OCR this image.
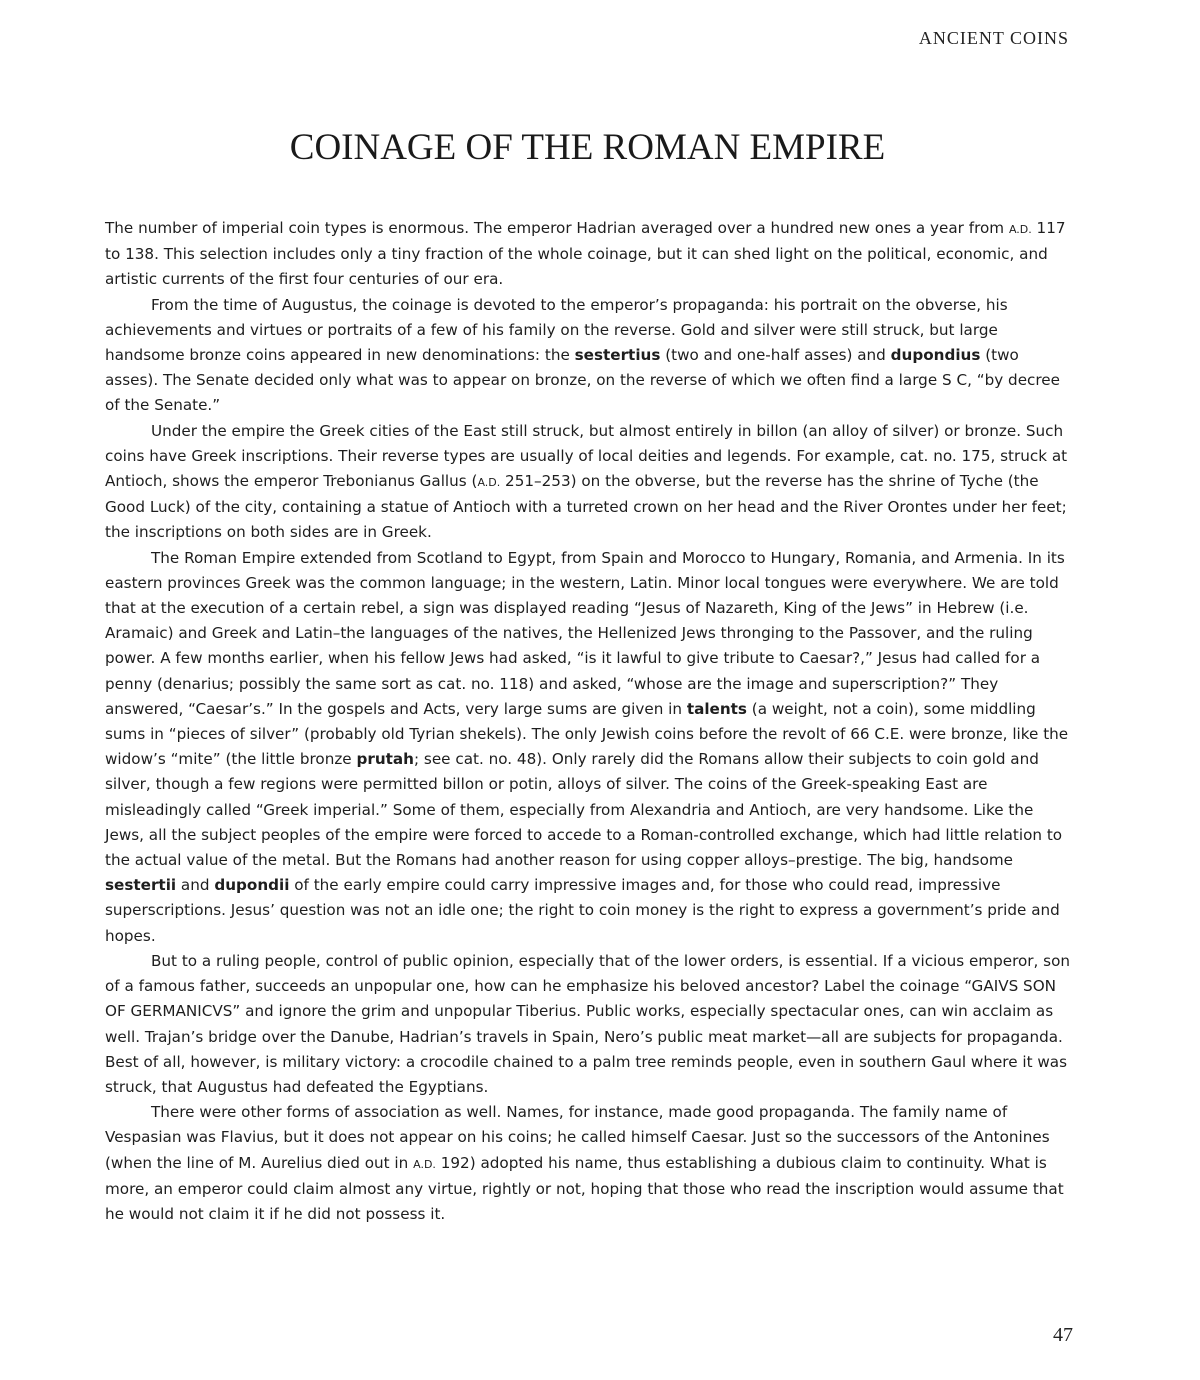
ANCIENT COINS
COINAGE OF THE ROMAN EMPIRE

The number of imperial coin types is enormous. The emperor Hadrian averaged over a hundred new ones a year from A.D. 117 to 138. This selection includes only a tiny fraction of the whole coinage, but it can shed light on the political, economic, and artistic currents of the first four centuries of our era.

From the time of Augustus, the coinage is devoted to the emperor’s propaganda: his portrait on the obverse, his achievements and virtues or portraits of a few of his family on the reverse. Gold and silver were still struck, but large handsome bronze coins appeared in new denominations: the sestertius (two and one-half asses) and dupondius (two asses). The Senate decided only what was to appear on bronze, on the reverse of which we often find a large S C, “by decree of the Senate.”

Under the empire the Greek cities of the East still struck, but almost entirely in billon (an alloy of silver) or bronze. Such coins have Greek inscriptions. Their reverse types are usually of local deities and legends. For example, cat. no. 175, struck at Antioch, shows the emperor Trebonianus Gallus (A.D. 251–253) on the obverse, but the reverse has the shrine of Tyche (the Good Luck) of the city, containing a statue of Antioch with a turreted crown on her head and the River Orontes under her feet; the inscriptions on both sides are in Greek.

The Roman Empire extended from Scotland to Egypt, from Spain and Morocco to Hungary, Romania, and Armenia. In its eastern provinces Greek was the common language; in the western, Latin. Minor local tongues were everywhere. We are told that at the execution of a certain rebel, a sign was displayed reading “Jesus of Nazareth, King of the Jews” in Hebrew (i.e. Aramaic) and Greek and Latin–the languages of the natives, the Hellenized Jews thronging to the Passover, and the ruling power. A few months earlier, when his fellow Jews had asked, “is it lawful to give tribute to Caesar?,” Jesus had called for a penny (denarius; possibly the same sort as cat. no. 118) and asked, “whose are the image and superscription?” They answered, “Caesar’s.” In the gospels and Acts, very large sums are given in talents (a weight, not a coin), some middling sums in “pieces of silver” (probably old Tyrian shekels). The only Jewish coins before the revolt of 66 C.E. were bronze, like the widow’s “mite” (the little bronze prutah; see cat. no. 48). Only rarely did the Romans allow their subjects to coin gold and silver, though a few regions were permitted billon or potin, alloys of silver. The coins of the Greek-speaking East are misleadingly called “Greek imperial.” Some of them, especially from Alexandria and Antioch, are very handsome. Like the Jews, all the subject peoples of the empire were forced to accede to a Roman-controlled exchange, which had little relation to the actual value of the metal. But the Romans had another reason for using copper alloys–prestige. The big, handsome sestertii and dupondii of the early empire could carry impressive images and, for those who could read, impressive superscriptions. Jesus’ question was not an idle one; the right to coin money is the right to express a government’s pride and hopes.

But to a ruling people, control of public opinion, especially that of the lower orders, is essential. If a vicious emperor, son of a famous father, succeeds an unpopular one, how can he emphasize his beloved ancestor? Label the coinage “GAIVS SON OF GERMANICVS” and ignore the grim and unpopular Tiberius. Public works, especially spectacular ones, can win acclaim as well. Trajan’s bridge over the Danube, Hadrian’s travels in Spain, Nero’s public meat market—all are subjects for propaganda. Best of all, however, is military victory: a crocodile chained to a palm tree reminds people, even in southern Gaul where it was struck, that Augustus had defeated the Egyptians.

There were other forms of association as well. Names, for instance, made good propaganda. The family name of Vespasian was Flavius, but it does not appear on his coins; he called himself Caesar. Just so the successors of the Antonines (when the line of M. Aurelius died out in A.D. 192) adopted his name, thus establishing a dubious claim to continuity. What is more, an emperor could claim almost any virtue, rightly or not, hoping that those who read the inscription would assume that he would not claim it if he did not possess it.

47
